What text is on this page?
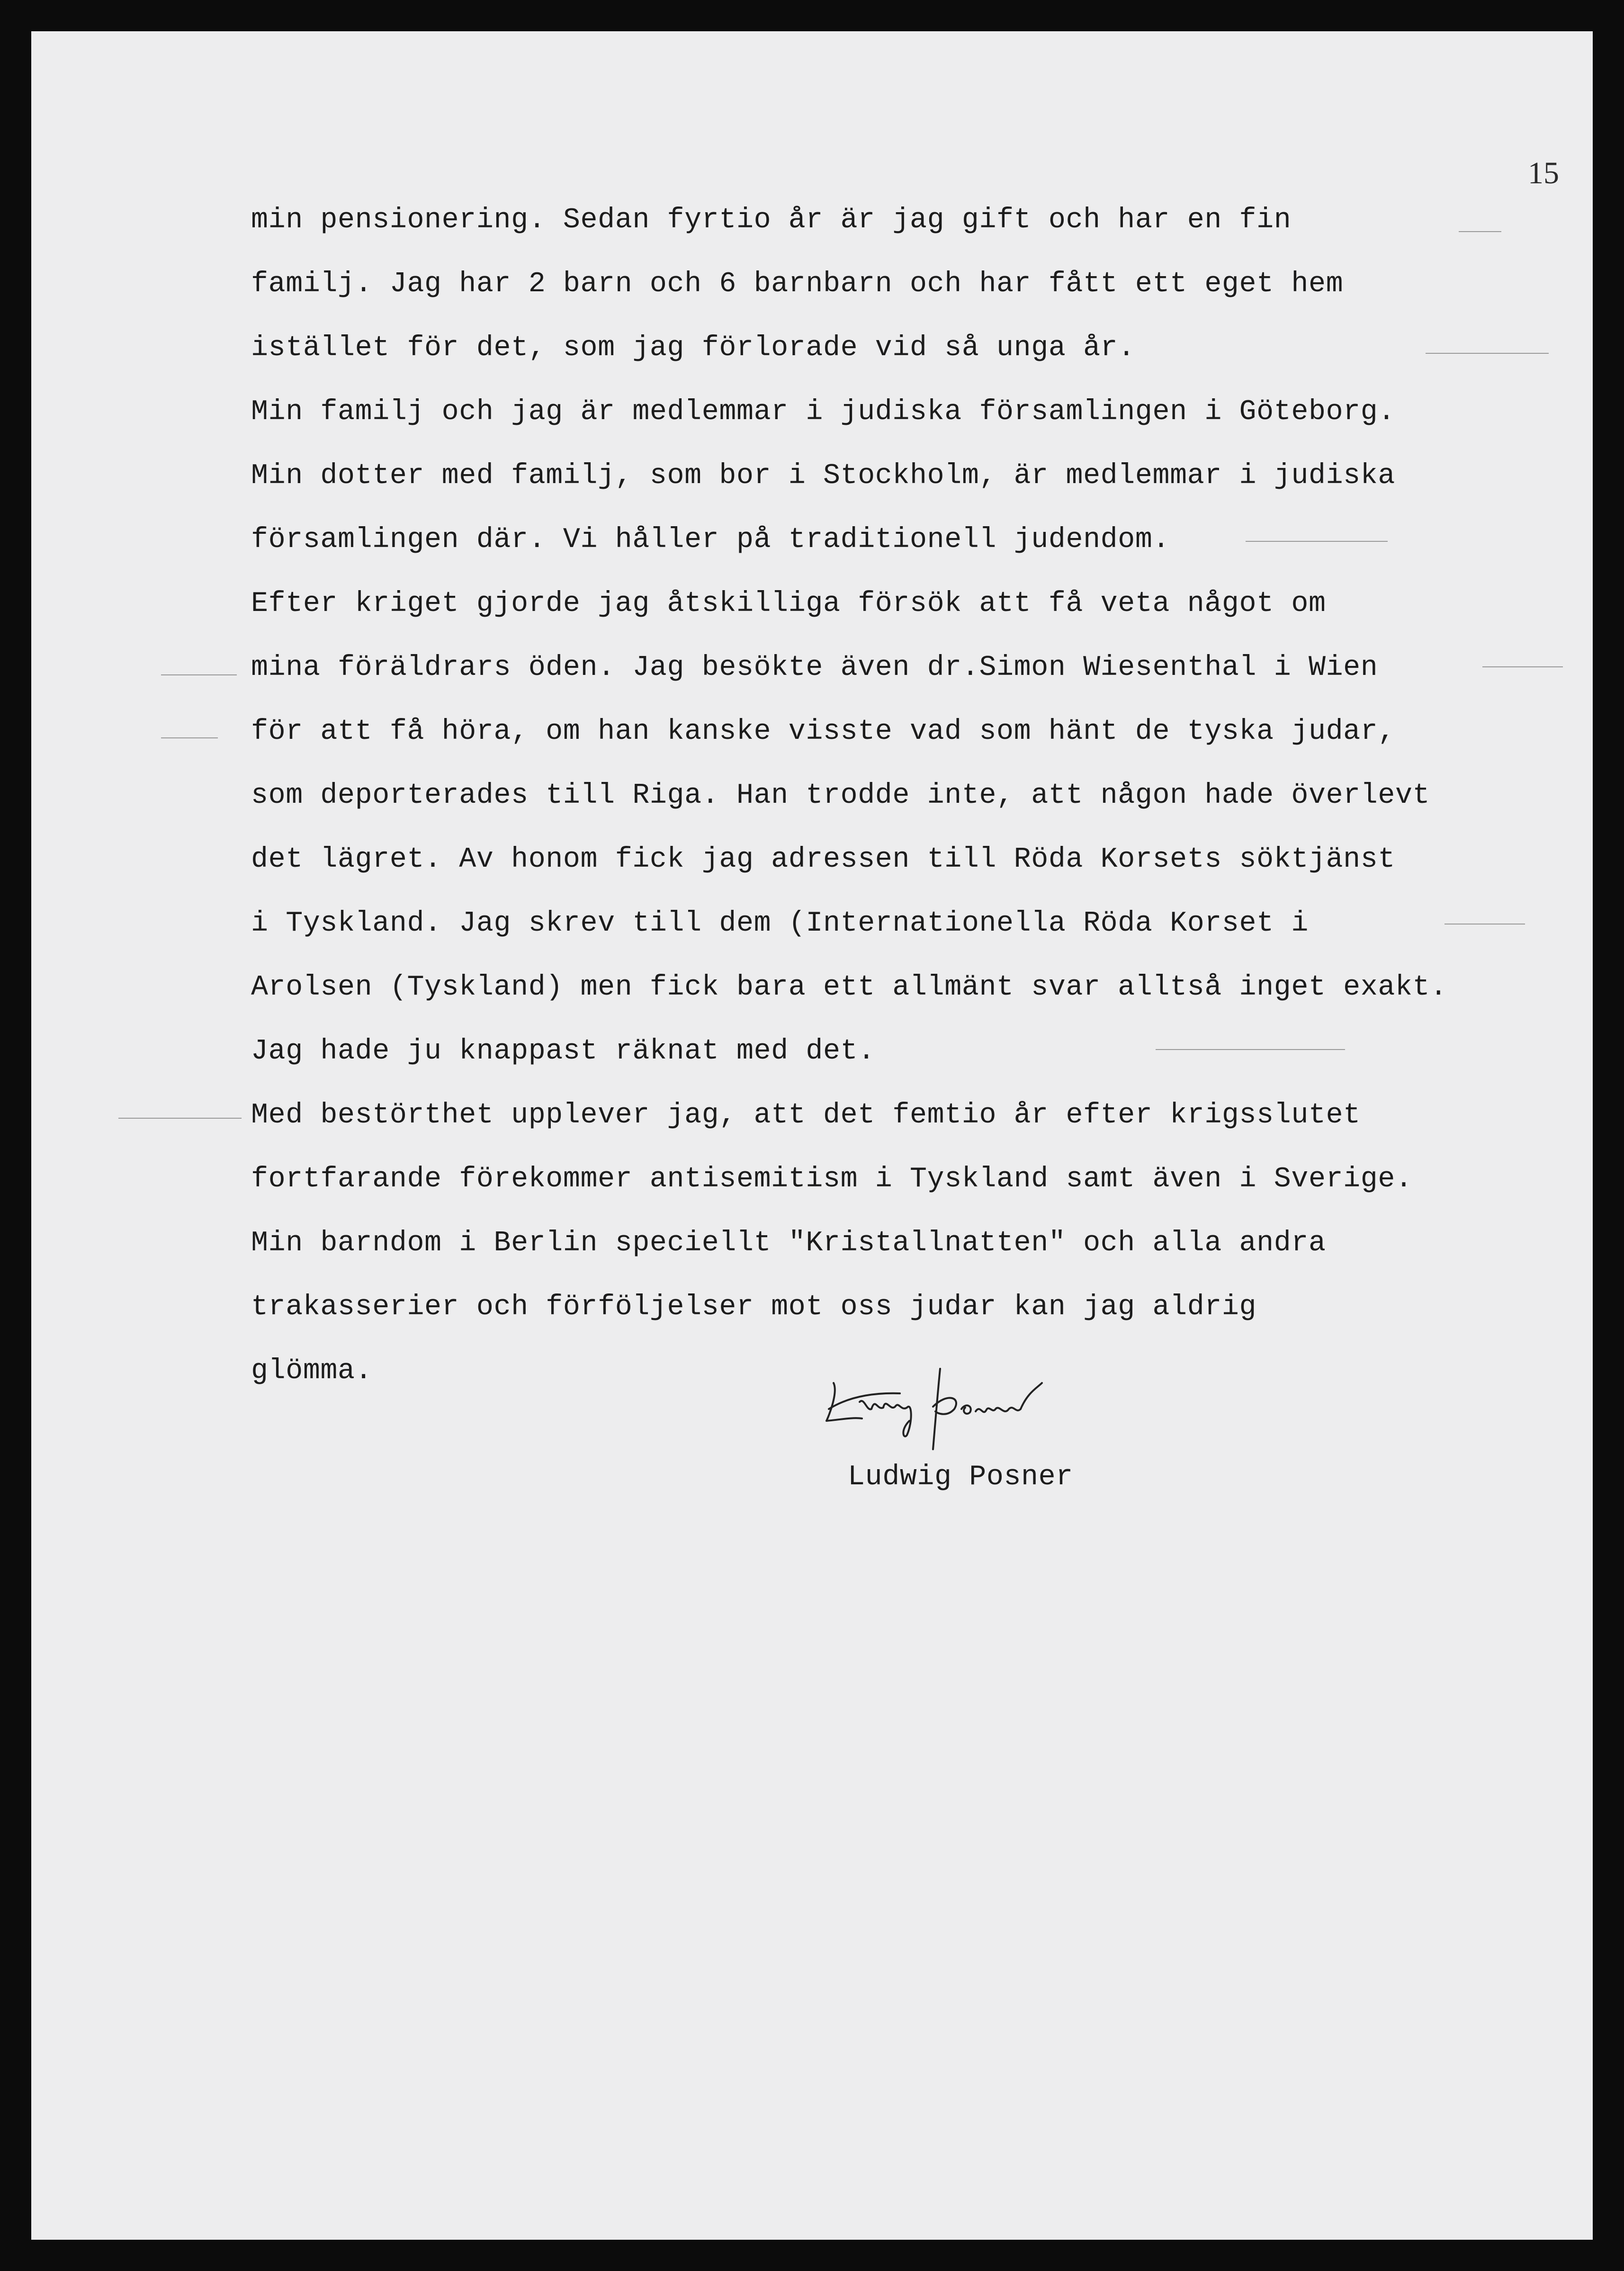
15
min pensionering. Sedan fyrtio år är jag gift och har en fin
familj. Jag har 2 barn och 6 barnbarn och har fått ett eget hem
istället för det, som jag förlorade vid så unga år.
Min familj och jag är medlemmar i judiska församlingen i Göteborg.
Min dotter med familj, som bor i Stockholm, är medlemmar i judiska
församlingen där. Vi håller på traditionell judendom.
Efter kriget gjorde jag åtskilliga försök att få veta något om
mina föräldrars öden. Jag besökte även dr.Simon Wiesenthal i Wien
för att få höra, om han kanske visste vad som hänt de tyska judar,
som deporterades till Riga. Han trodde inte, att någon hade överlevt
det lägret. Av honom fick jag adressen till Röda Korsets söktjänst
i Tyskland. Jag skrev till dem (Internationella Röda Korset i
Arolsen (Tyskland) men fick bara ett allmänt svar alltså inget exakt.
Jag hade ju knappast räknat med det.
Med bestörthet upplever jag, att det femtio år efter krigsslutet
fortfarande förekommer antisemitism i Tyskland samt även i Sverige.
Min barndom i Berlin speciellt "Kristallnatten" och alla andra
trakasserier och förföljelser mot oss judar kan jag aldrig
glömma.
Ludwig Posner
